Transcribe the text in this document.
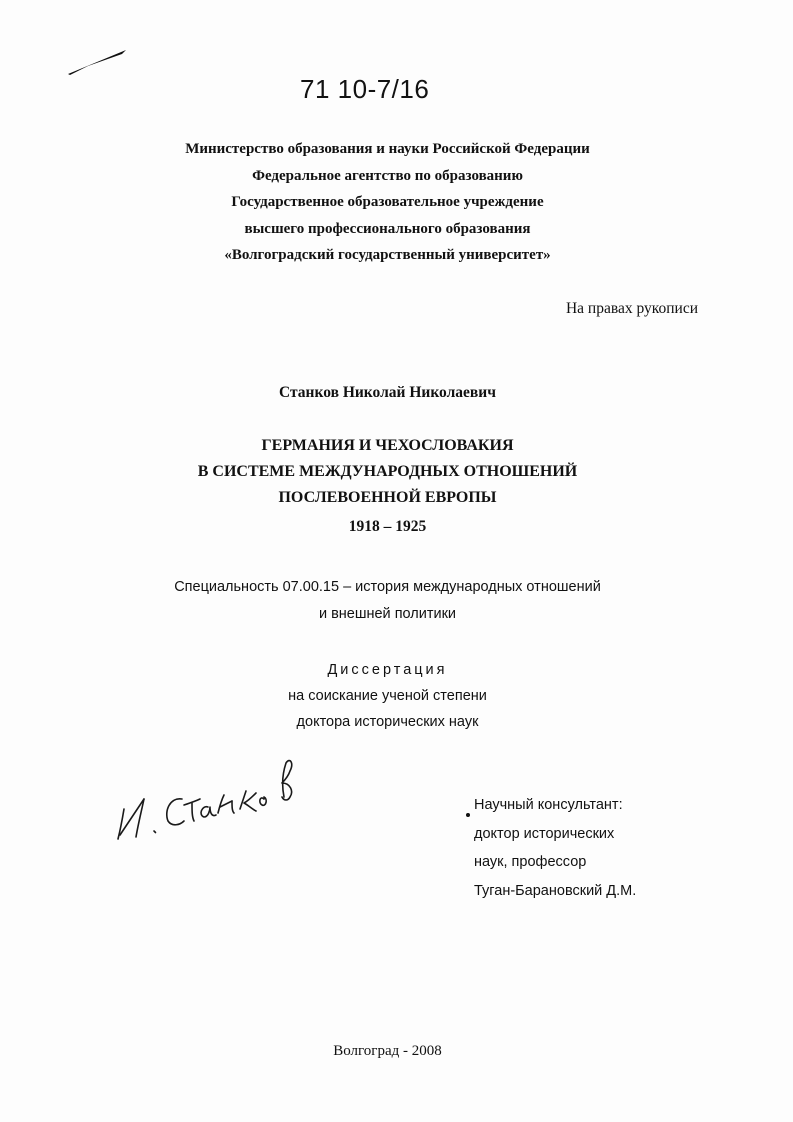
71 10-7/16
Министерство образования и науки Российской Федерации
Федеральное агентство по образованию
Государственное образовательное учреждение
высшего профессионального образования
«Волгоградский государственный университет»
На правах рукописи
Станков Николай Николаевич
ГЕРМАНИЯ И ЧЕХОСЛОВАКИЯ
В СИСТЕМЕ МЕЖДУНАРОДНЫХ ОТНОШЕНИЙ
ПОСЛЕВОЕННОЙ ЕВРОПЫ
1918 – 1925
Специальность 07.00.15 – история международных отношений
и внешней политики
Диссертация
на соискание ученой степени
доктора исторических наук
Научный консультант:
доктор исторических
наук, профессор
Туган-Барановский Д.М.
Волгоград - 2008
